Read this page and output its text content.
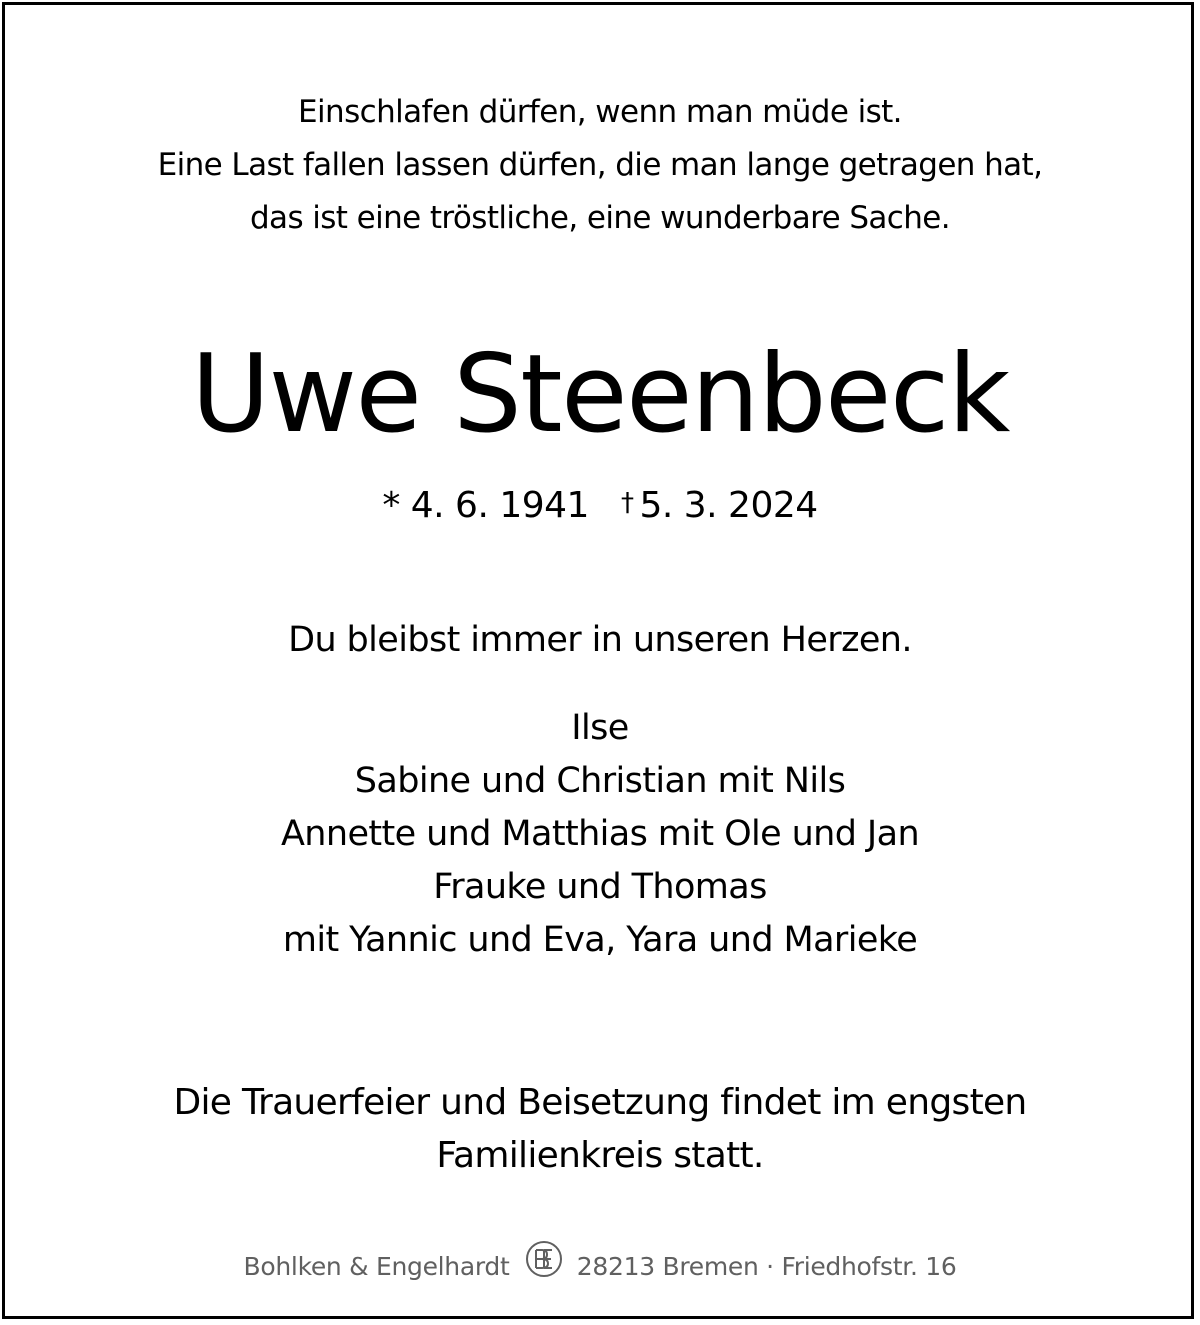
Einschlafen dürfen, wenn man müde ist.
Eine Last fallen lassen dürfen, die man lange getragen hat,
das ist eine tröstliche, eine wunderbare Sache.
Uwe Steenbeck
* 4. 6. 1941 † 5. 3. 2024
Du bleibst immer in unseren Herzen.
Ilse
Sabine und Christian mit Nils
Annette und Matthias mit Ole und Jan
Frauke und Thomas
mit Yannic und Eva, Yara und Marieke
Die Trauerfeier und Beisetzung findet im engsten
Familienkreis statt.
Bohlken & Engelhardt	28213 Bremen · Friedhofstr. 16
